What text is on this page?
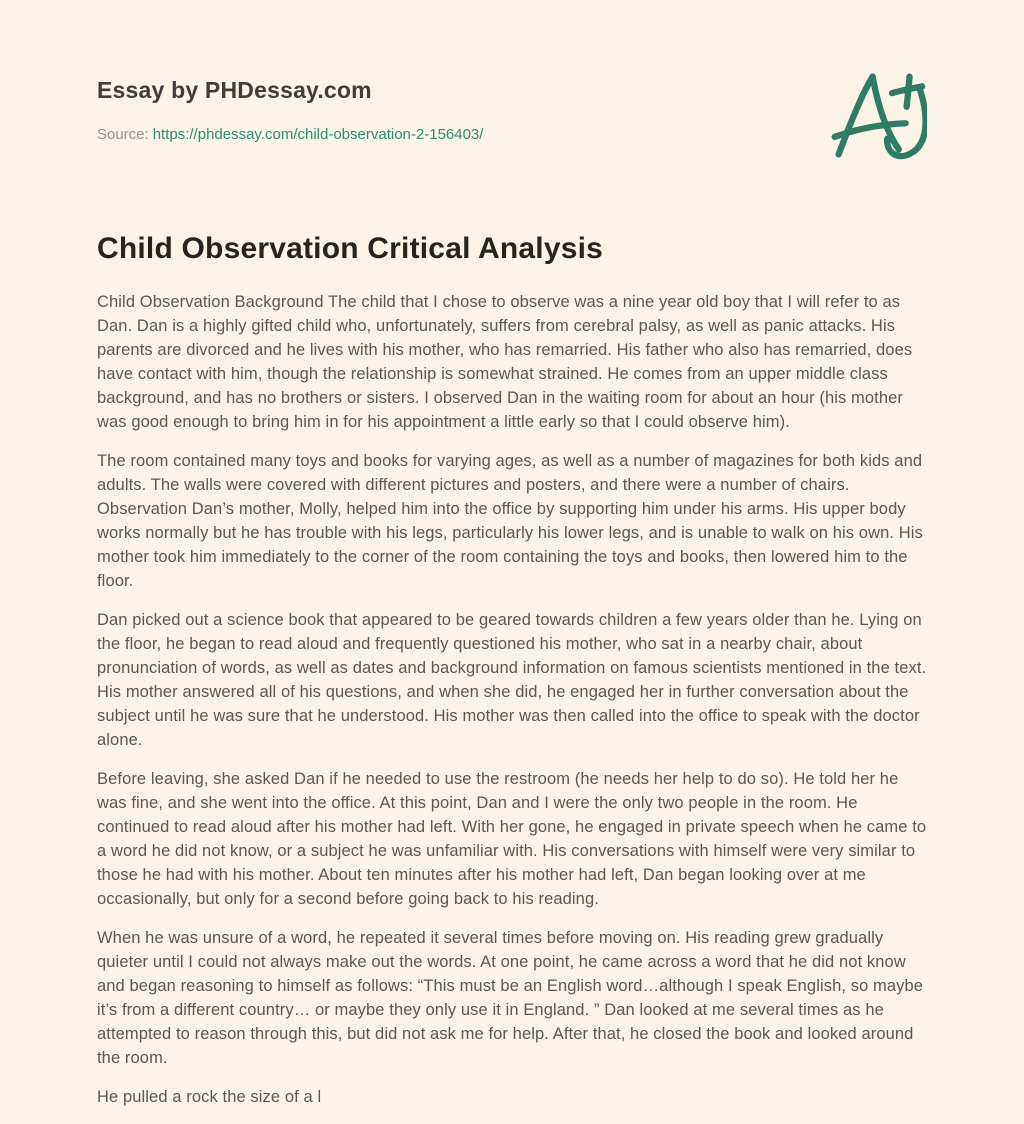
Essay by PHDessay.com

Source: https://phdessay.com/child-observation-2-156403/

Child Observation Critical Analysis

Child Observation Background The child that I chose to observe was a nine year old boy that I will refer to as Dan. Dan is a highly gifted child who, unfortunately, suffers from cerebral palsy, as well as panic attacks. His parents are divorced and he lives with his mother, who has remarried. His father who also has remarried, does have contact with him, though the relationship is somewhat strained. He comes from an upper middle class background, and has no brothers or sisters. I observed Dan in the waiting room for about an hour (his mother was good enough to bring him in for his appointment a little early so that I could observe him).

The room contained many toys and books for varying ages, as well as a number of magazines for both kids and adults. The walls were covered with different pictures and posters, and there were a number of chairs. Observation Dan’s mother, Molly, helped him into the office by supporting him under his arms. His upper body works normally but he has trouble with his legs, particularly his lower legs, and is unable to walk on his own. His mother took him immediately to the corner of the room containing the toys and books, then lowered him to the floor.

Dan picked out a science book that appeared to be geared towards children a few years older than he. Lying on the floor, he began to read aloud and frequently questioned his mother, who sat in a nearby chair, about pronunciation of words, as well as dates and background information on famous scientists mentioned in the text. His mother answered all of his questions, and when she did, he engaged her in further conversation about the subject until he was sure that he understood. His mother was then called into the office to speak with the doctor alone.

Before leaving, she asked Dan if he needed to use the restroom (he needs her help to do so). He told her he was fine, and she went into the office. At this point, Dan and I were the only two people in the room. He continued to read aloud after his mother had left. With her gone, he engaged in private speech when he came to a word he did not know, or a subject he was unfamiliar with. His conversations with himself were very similar to those he had with his mother. About ten minutes after his mother had left, Dan began looking over at me occasionally, but only for a second before going back to his reading.

When he was unsure of a word, he repeated it several times before moving on. His reading grew gradually quieter until I could not always make out the words. At one point, he came across a word that he did not know and began reasoning to himself as follows: “This must be an English word…although I speak English, so maybe it’s from a different country… or maybe they only use it in England. ” Dan looked at me several times as he attempted to reason through this, but did not ask me for help. After that, he closed the book and looked around the room.

He pulled a rock the size of a l
